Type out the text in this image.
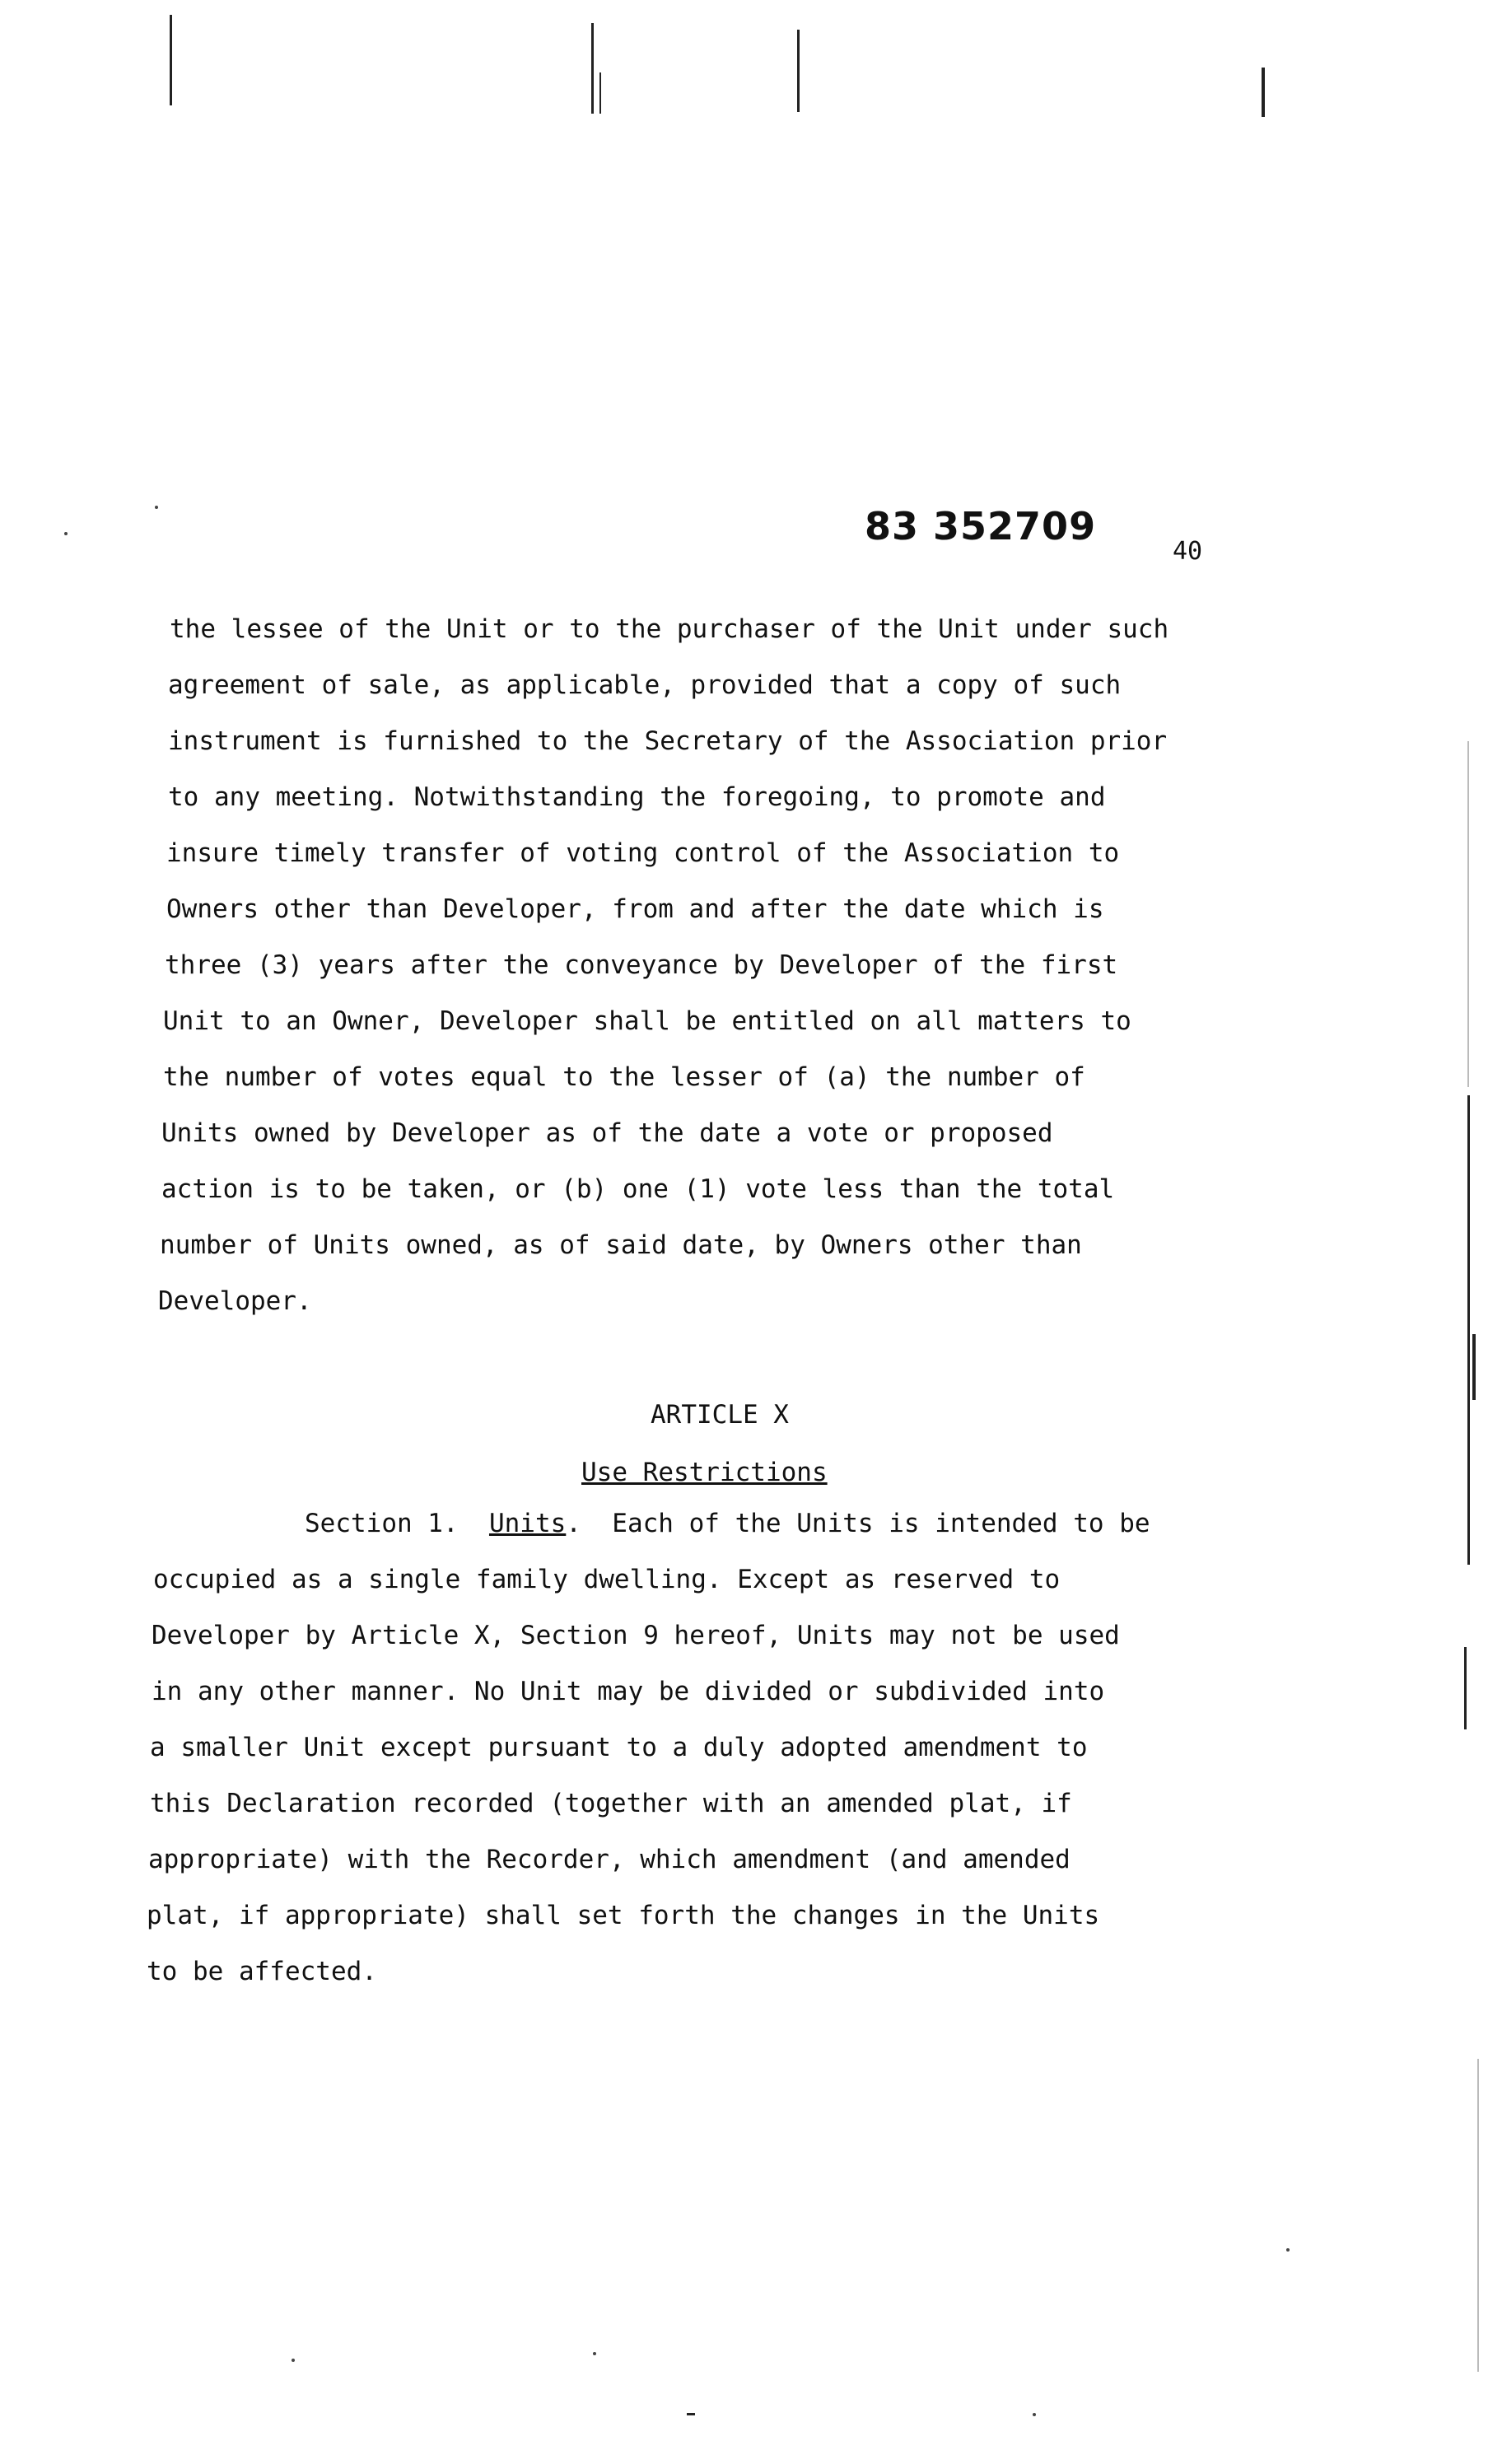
83 352709
40
the lessee of the Unit or to the purchaser of the Unit under such
agreement of sale, as applicable, provided that a copy of such
instrument is furnished to the Secretary of the Association prior
to any meeting. Notwithstanding the foregoing, to promote and
insure timely transfer of voting control of the Association to
Owners other than Developer, from and after the date which is
three (3) years after the conveyance by Developer of the first
Unit to an Owner, Developer shall be entitled on all matters to
the number of votes equal to the lesser of (a) the number of
Units owned by Developer as of the date a vote or proposed
action is to be taken, or (b) one (1) vote less than the total
number of Units owned, as of said date, by Owners other than
Developer.
ARTICLE X
Use Restrictions
Section 1. Units. Each of the Units is intended to be
occupied as a single family dwelling. Except as reserved to
Developer by Article X, Section 9 hereof, Units may not be used
in any other manner. No Unit may be divided or subdivided into
a smaller Unit except pursuant to a duly adopted amendment to
this Declaration recorded (together with an amended plat, if
appropriate) with the Recorder, which amendment (and amended
plat, if appropriate) shall set forth the changes in the Units
to be affected.
